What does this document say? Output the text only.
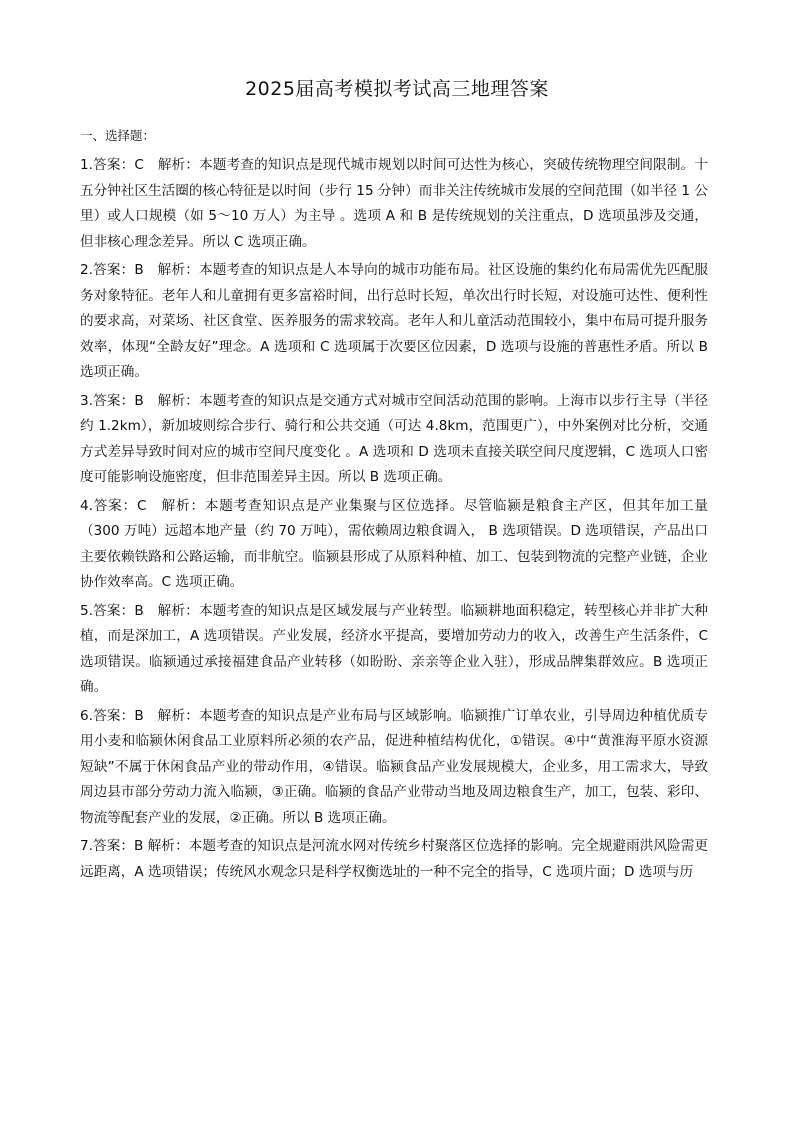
2025届高考模拟考试高三地理答案

一、选择题：

1.答案：C　解析：本题考查的知识点是现代城市规划以时间可达性为核心，突破传统物理空间限制。十五分钟社区生活圈的核心特征是以时间（步行 15 分钟）而非关注传统城市发展的空间范围（如半径 1 公里）或人口规模（如 5～10 万人）为主导 。选项 A 和 B 是传统规划的关注重点，D 选项虽涉及交通，但非核心理念差异。所以 C 选项正确。

2.答案：B　解析：本题考查的知识点是人本导向的城市功能布局。社区设施的集约化布局需优先匹配服务对象特征。老年人和儿童拥有更多富裕时间，出行总时长短，单次出行时长短，对设施可达性、便利性的要求高，对菜场、社区食堂、医养服务的需求较高。老年人和儿童活动范围较小，集中布局可提升服务效率，体现“全龄友好”理念。A 选项和 C 选项属于次要区位因素，D 选项与设施的普惠性矛盾。所以 B 选项正确。

3.答案：B　解析：本题考查的知识点是交通方式对城市空间活动范围的影响。上海市以步行主导（半径约 1.2km），新加坡则综合步行、骑行和公共交通（可达 4.8km，范围更广），中外案例对比分析，交通方式差异导致时间对应的城市空间尺度变化 。A 选项和 D 选项未直接关联空间尺度逻辑，C 选项人口密度可能影响设施密度，但非范围差异主因。所以 B 选项正确。

4.答案：C　解析：本题考查知识点是产业集聚与区位选择。尽管临颍是粮食主产区，但其年加工量（300 万吨）远超本地产量（约 70 万吨），需依赖周边粮食调入， B 选项错误。D 选项错误，产品出口主要依赖铁路和公路运输，而非航空。临颍县形成了从原料种植、加工、包装到物流的完整产业链，企业协作效率高。C 选项正确。

5.答案：B　解析：本题考查的知识点是区域发展与产业转型。临颍耕地面积稳定，转型核心并非扩大种植，而是深加工，A 选项错误。产业发展，经济水平提高，要增加劳动力的收入，改善生产生活条件，C 选项错误。临颍通过承接福建食品产业转移（如盼盼、亲亲等企业入驻），形成品牌集群效应。B 选项正确。

6.答案：B　解析：本题考查的知识点是产业布局与区域影响。临颍推广订单农业，引导周边种植优质专用小麦和临颍休闲食品工业原料所必须的农产品，促进种植结构优化，①错误。④中“黄淮海平原水资源短缺”不属于休闲食品产业的带动作用，④错误。临颍食品产业发展规模大，企业多，用工需求大，导致周边县市部分劳动力流入临颍，③正确。临颍的食品产业带动当地及周边粮食生产，加工，包装、彩印、物流等配套产业的发展，②正确。所以 B 选项正确。

7.答案：B 解析：本题考查的知识点是河流水网对传统乡村聚落区位选择的影响。完全规避雨洪风险需更远距离，A 选项错误；传统风水观念只是科学权衡选址的一种不完全的指导，C 选项片面；D 选项与历
